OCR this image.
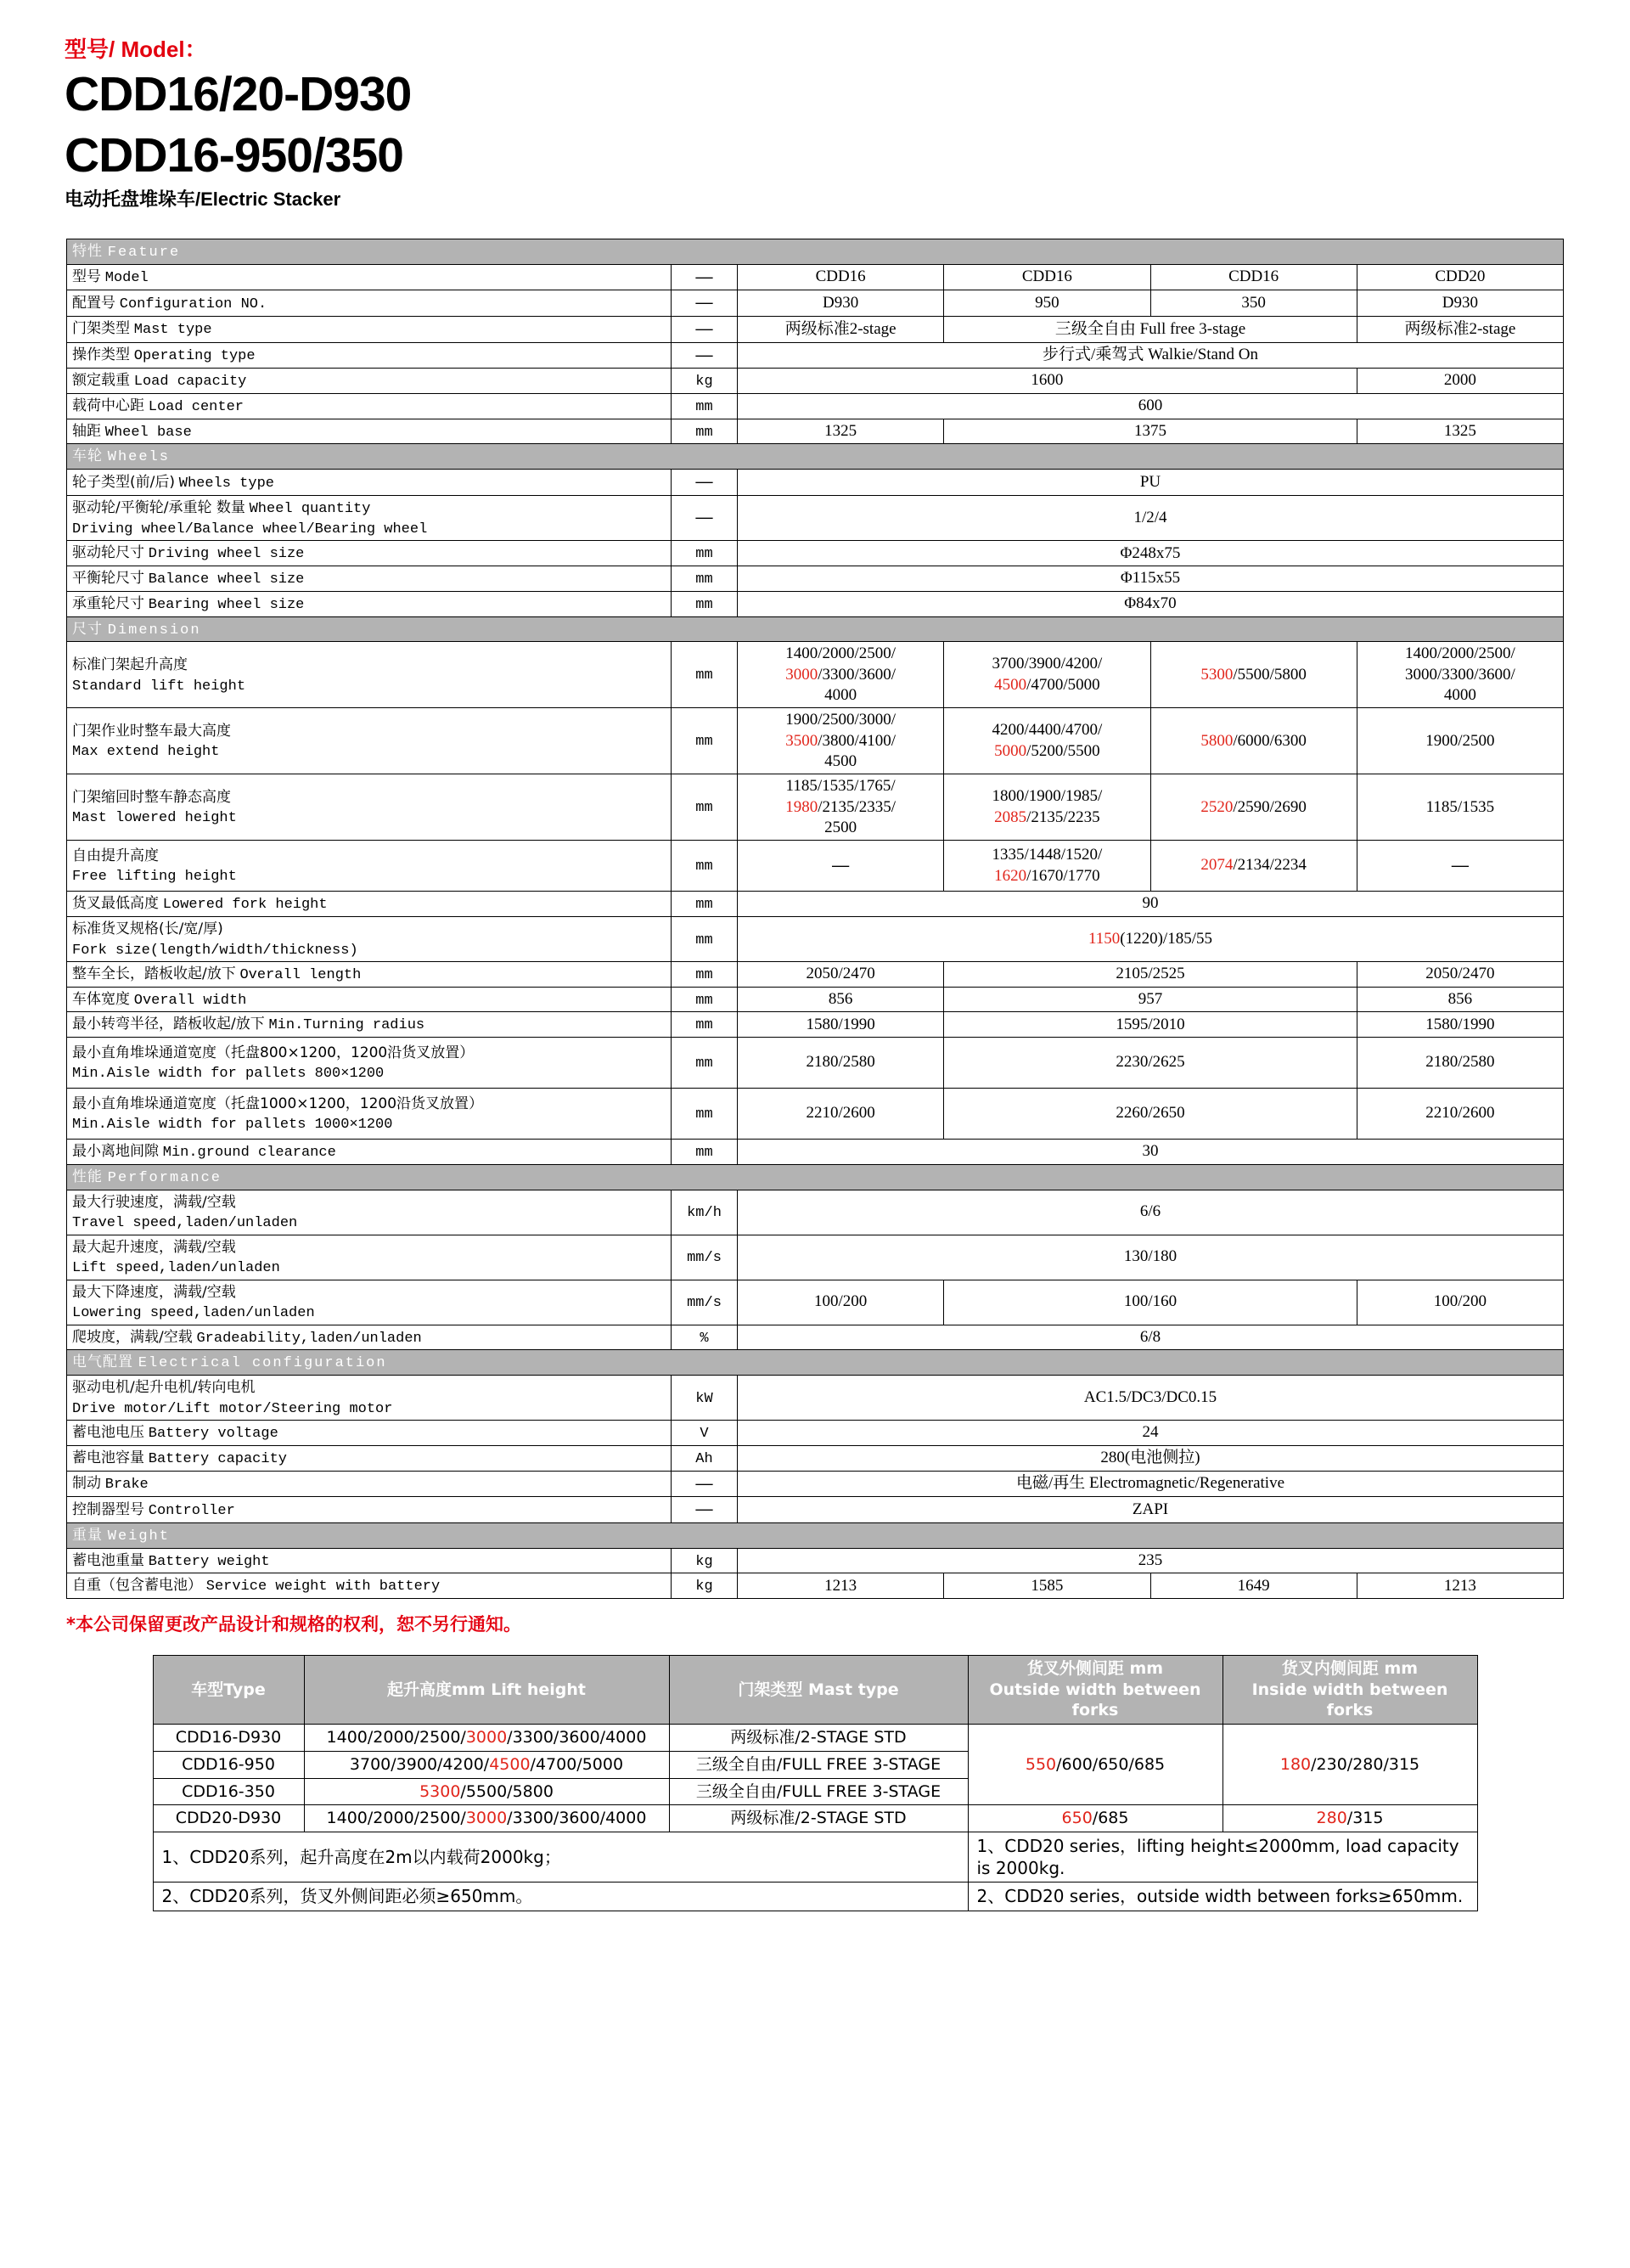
型号/ Model：
CDD16/20-D930
CDD16-950/350
电动托盘堆垛车/Electric Stacker
特性 Feature					
型号 Model	—	CDD16	CDD16	CDD16	CDD20
配置号 Configuration NO.	—	D930	950	350	D930
门架类型 Mast type	—	两级标准2-stage	三级全自由 Full free 3-stage		两级标准2-stage
操作类型 Operating type	—	步行式/乘驾式 Walkie/Stand On			
额定载重 Load capacity	kg	1600			2000
载荷中心距 Load center	mm	600			
轴距 Wheel base	mm	1325	1375		1325
车轮 Wheels					
轮子类型(前/后) Wheels type	—	PU			

驱动轮/平衡轮/承重轮 数量 Wheel quantity
Driving wheel/Balance wheel/Bearing wheel	—	1/2/4			
驱动轮尺寸 Driving wheel size	mm	Φ248x75			
平衡轮尺寸 Balance wheel size	mm	Φ115x55			
承重轮尺寸 Bearing wheel size	mm	Φ84x70			
尺寸 Dimension					

标准门架起升高度
Standard lift height	mm	1400/2000/2500/
3000/3300/3600/
4000	3700/3900/4200/
4500/4700/5000	5300/5500/5800	1400/2000/2500/
3000/3300/3600/
4000

门架作业时整车最大高度
Max extend height	mm	1900/2500/3000/
3500/3800/4100/
4500	4200/4400/4700/
5000/5200/5500	5800/6000/6300	1900/2500

门架缩回时整车静态高度
Mast lowered height	mm	1185/1535/1765/
1980/2135/2335/
2500	1800/1900/1985/
2085/2135/2235	2520/2590/2690	1185/1535

自由提升高度
Free lifting height	mm	—	1335/1448/1520/
1620/1670/1770	2074/2134/2234	—
货叉最低高度 Lowered fork height	mm	90			

标准货叉规格(长/宽/厚)
Fork size(length/width/thickness)	mm	1150(1220)/185/55			
整车全长，踏板收起/放下 Overall length	mm	2050/2470	2105/2525		2050/2470
车体宽度 Overall width	mm	856	957		856
最小转弯半径，踏板收起/放下 Min.Turning radius	mm	1580/1990	1595/2010		1580/1990

最小直角堆垛通道宽度（托盘800×1200，1200沿货叉放置）
Min.Aisle width for pallets 800×1200	mm	2180/2580	2230/2625		2180/2580

最小直角堆垛通道宽度（托盘1000×1200，1200沿货叉放置）
Min.Aisle width for pallets 1000×1200	mm	2210/2600	2260/2650		2210/2600
最小离地间隙 Min.ground clearance	mm	30			
性能 Performance					

最大行驶速度，满载/空载
Travel speed,laden/unladen	km/h	6/6			

最大起升速度，满载/空载
Lift speed,laden/unladen	mm/s	130/180			

最大下降速度，满载/空载
Lowering speed,laden/unladen	mm/s	100/200	100/160		100/200
爬坡度，满载/空载 Gradeability,laden/unladen	%	6/8			
电气配置 Electrical configuration					

驱动电机/起升电机/转向电机
Drive motor/Lift motor/Steering motor	kW	AC1.5/DC3/DC0.15			
蓄电池电压 Battery voltage	V	24			
蓄电池容量 Battery capacity	Ah	280(电池侧拉)			
制动 Brake	—	电磁/再生 Electromagnetic/Regenerative			
控制器型号 Controller	—	ZAPI			
重量 Weight					
蓄电池重量 Battery weight	kg	235			
自重（包含蓄电池） Service weight with battery	kg	1213	1585	1649	1213
*本公司保留更改产品设计和规格的权利，恕不另行通知。
车型Type	起升高度mm Lift height	门架类型 Mast type	货叉外侧间距 mm
Outside width between
forks	货叉内侧间距 mm
Inside width between
forks
CDD16-D930	1400/2000/2500/3000/3300/3600/4000	两级标准/2-STAGE STD	550/600/650/685	180/230/280/315
CDD16-950	3700/3900/4200/4500/4700/5000	三级全自由/FULL FREE 3-STAGE		
CDD16-350	5300/5500/5800	三级全自由/FULL FREE 3-STAGE		
CDD20-D930	1400/2000/2500/3000/3300/3600/4000	两级标准/2-STAGE STD	650/685	280/315
1、CDD20系列，起升高度在2m以内载荷2000kg；			1、CDD20 series，lifting height≤2000mm, load capacity is 2000kg.	
2、CDD20系列，货叉外侧间距必须≥650mm。			2、CDD20 series，outside width between forks≥650mm.	
